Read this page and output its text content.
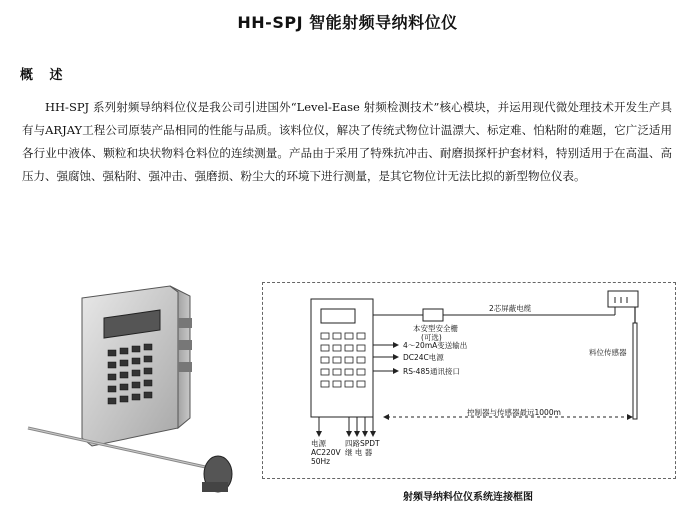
HH-SPJ 智能射频导纳料位仪
概 述

HH-SPJ 系列射频导纳料位仪是我公司引进国外“Level-Ease 射频检测技术”核心模块，并运用现代微处理技术开发生产具有与ARJAY工程公司原装产品相同的性能与品质。该料位仪，解决了传统式物位计温漂大、标定难、怕粘附的难题，它广泛适用各行业中液体、颗粒和块状物料仓料位的连续测量。产品由于采用了特殊抗冲击、耐磨损探杆护套材料，特别适用于在高温、高压力、强腐蚀、强粘附、强冲击、强磨损、粉尘大的环境下进行测量，是其它物位计无法比拟的新型物位仪表。

2芯屏蔽电缆
本安型安全栅
(可选)
4～20mA变送输出
DC24C电源
RS-485通讯接口
料位传感器
控制器与传感器最远1000m
电源
AC220V
50Hz
四路SPDT
继 电 器
射频导纳料位仪系统连接框图
